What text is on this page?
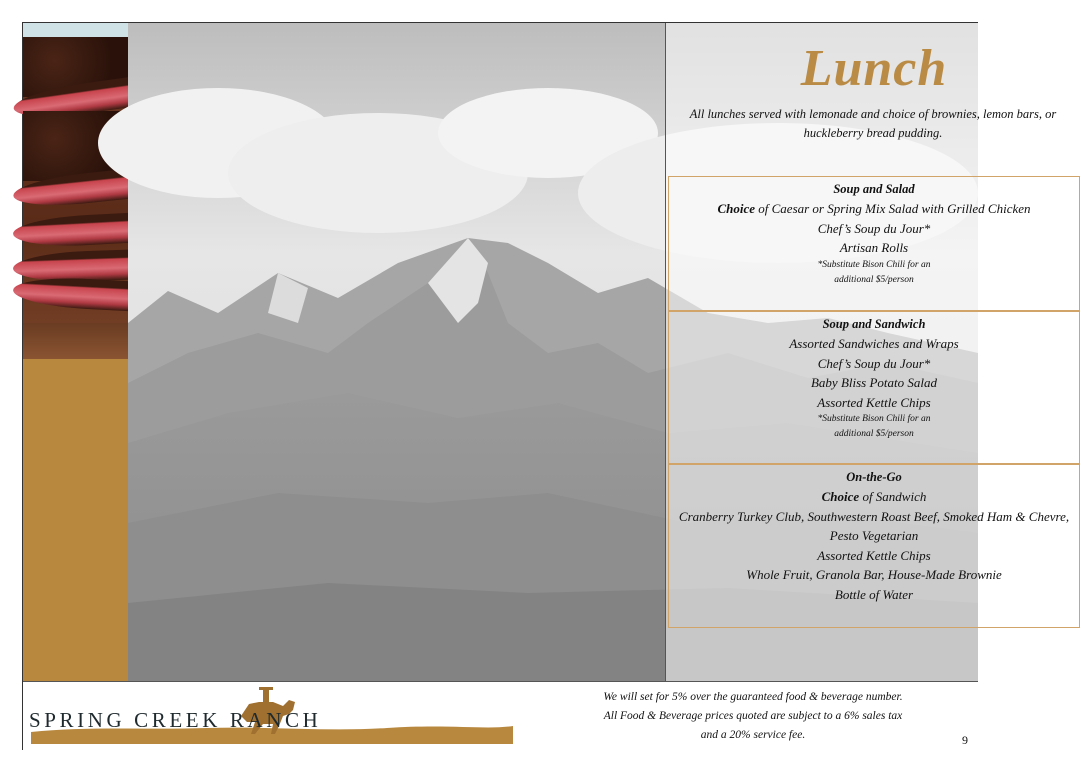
Lunch
All lunches served with lemonade and choice of brownies, lemon bars, or
huckleberry bread pudding.
Soup and Salad
Choice of Caesar or Spring Mix Salad with Grilled Chicken
Chef’s Soup du Jour*
Artisan Rolls
*Substitute Bison Chili for an
additional $5/person
Soup and Sandwich
Assorted Sandwiches and Wraps
Chef’s Soup du Jour*
Baby Bliss Potato Salad
Assorted Kettle Chips
*Substitute Bison Chili for an
additional $5/person
On-the-Go
Choice of Sandwich
Cranberry Turkey Club, Southwestern Roast Beef, Smoked Ham & Chevre,
Pesto Vegetarian
Assorted Kettle Chips
Whole Fruit, Granola Bar, House-Made Brownie
Bottle of Water
SPRING CREEK RANCH
We will set for 5% over the guaranteed food & beverage number.
All Food & Beverage prices quoted are subject to a 6% sales tax
and a 20% service fee.	9
